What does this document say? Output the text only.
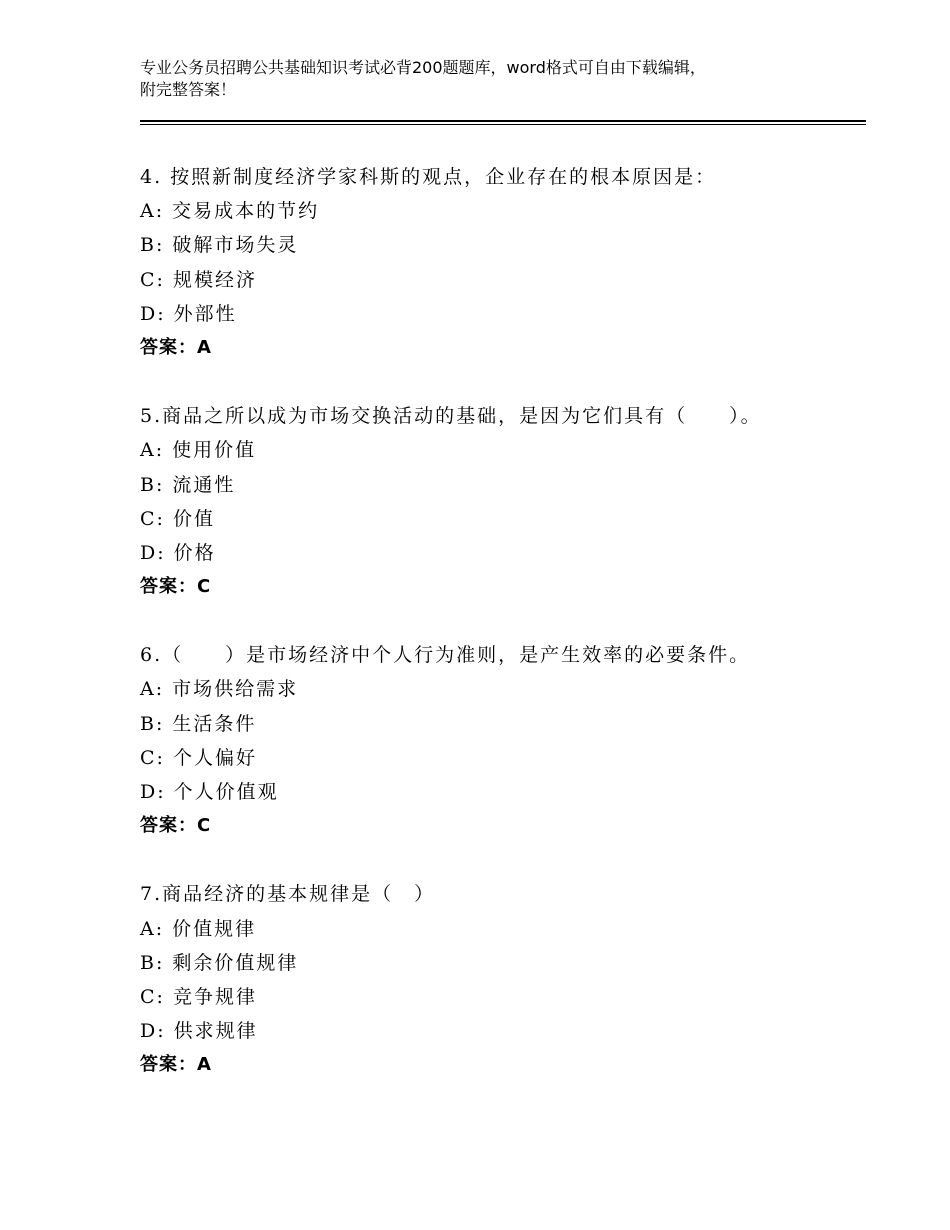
专业公务员招聘公共基础知识考试必背200题题库，word格式可自由下载编辑，
附完整答案！
4. 按照新制度经济学家科斯的观点，企业存在的根本原因是：
A: 交易成本的节约
B: 破解市场失灵
C: 规模经济
D: 外部性
答案：A
5.商品之所以成为市场交换活动的基础，是因为它们具有（　　）。
A: 使用价值
B: 流通性
C: 价值
D: 价格
答案：C
6.（　　）是市场经济中个人行为准则，是产生效率的必要条件。
A: 市场供给需求
B: 生活条件
C: 个人偏好
D: 个人价值观
答案：C
7.商品经济的基本规律是（　）
A: 价值规律
B: 剩余价值规律
C: 竞争规律
D: 供求规律
答案：A
